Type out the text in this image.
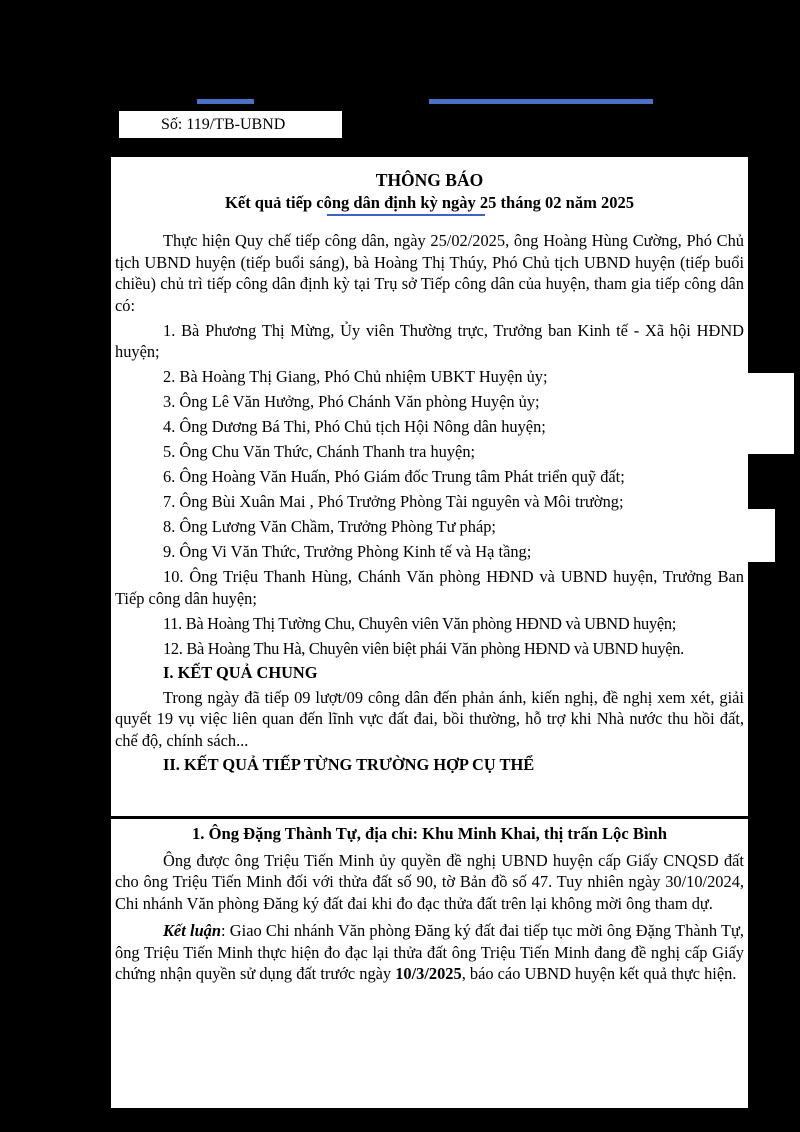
Số: 119/TB-UBND

THÔNG BÁO

Kết quả tiếp công dân định kỳ ngày 25 tháng 02 năm 2025

Thực hiện Quy chế tiếp công dân, ngày 25/02/2025, ông Hoàng Hùng Cường, Phó Chủ tịch UBND huyện (tiếp buổi sáng), bà Hoàng Thị Thúy, Phó Chủ tịch UBND huyện (tiếp buổi chiều) chủ trì tiếp công dân định kỳ tại Trụ sở Tiếp công dân của huyện, tham gia tiếp công dân có:

1. Bà Phương Thị Mừng, Ủy viên Thường trực, Trưởng ban Kinh tế - Xã hội HĐND huyện;

2. Bà Hoàng Thị Giang, Phó Chủ nhiệm UBKT Huyện ủy;

3. Ông Lê Văn Hưởng, Phó Chánh Văn phòng Huyện ủy;

4. Ông Dương Bá Thi, Phó Chủ tịch Hội Nông dân huyện;

5. Ông Chu Văn Thức, Chánh Thanh tra huyện;

6. Ông Hoàng Văn Huấn, Phó Giám đốc Trung tâm Phát triển quỹ đất;

7. Ông Bùi Xuân Mai , Phó Trưởng Phòng Tài nguyên và Môi trường;

8. Ông Lương Văn Chầm, Trưởng Phòng Tư pháp;

9. Ông Vi Văn Thức, Trưởng Phòng Kinh tế và Hạ tầng;

10. Ông Triệu Thanh Hùng, Chánh Văn phòng HĐND và UBND huyện, Trưởng Ban Tiếp công dân huyện;

11. Bà Hoàng Thị Tường Chu, Chuyên viên Văn phòng HĐND và UBND huyện;

12. Bà Hoàng Thu Hà, Chuyên viên biệt phái Văn phòng HĐND và UBND huyện.

I. KẾT QUẢ CHUNG

Trong ngày đã tiếp 09 lượt/09 công dân đến phản ánh, kiến nghị, đề nghị xem xét, giải quyết 19 vụ việc liên quan đến lĩnh vực đất đai, bồi thường, hỗ trợ khi Nhà nước thu hồi đất, chế độ, chính sách...

II. KẾT QUẢ TIẾP TỪNG TRƯỜNG HỢP CỤ THỂ

1. Ông Đặng Thành Tự, địa chỉ: Khu Minh Khai, thị trấn Lộc Bình

Ông được ông Triệu Tiến Minh ủy quyền đề nghị UBND huyện cấp Giấy CNQSD đất cho ông Triệu Tiến Minh đối với thửa đất số 90, tờ Bản đồ số 47. Tuy nhiên ngày 30/10/2024, Chi nhánh Văn phòng Đăng ký đất đai khi đo đạc thửa đất trên lại không mời ông tham dự.

Kết luận: Giao Chi nhánh Văn phòng Đăng ký đất đai tiếp tục mời ông Đặng Thành Tự, ông Triệu Tiến Minh thực hiện đo đạc lại thửa đất ông Triệu Tiến Minh đang đề nghị cấp Giấy chứng nhận quyền sử dụng đất trước ngày 10/3/2025, báo cáo UBND huyện kết quả thực hiện.
